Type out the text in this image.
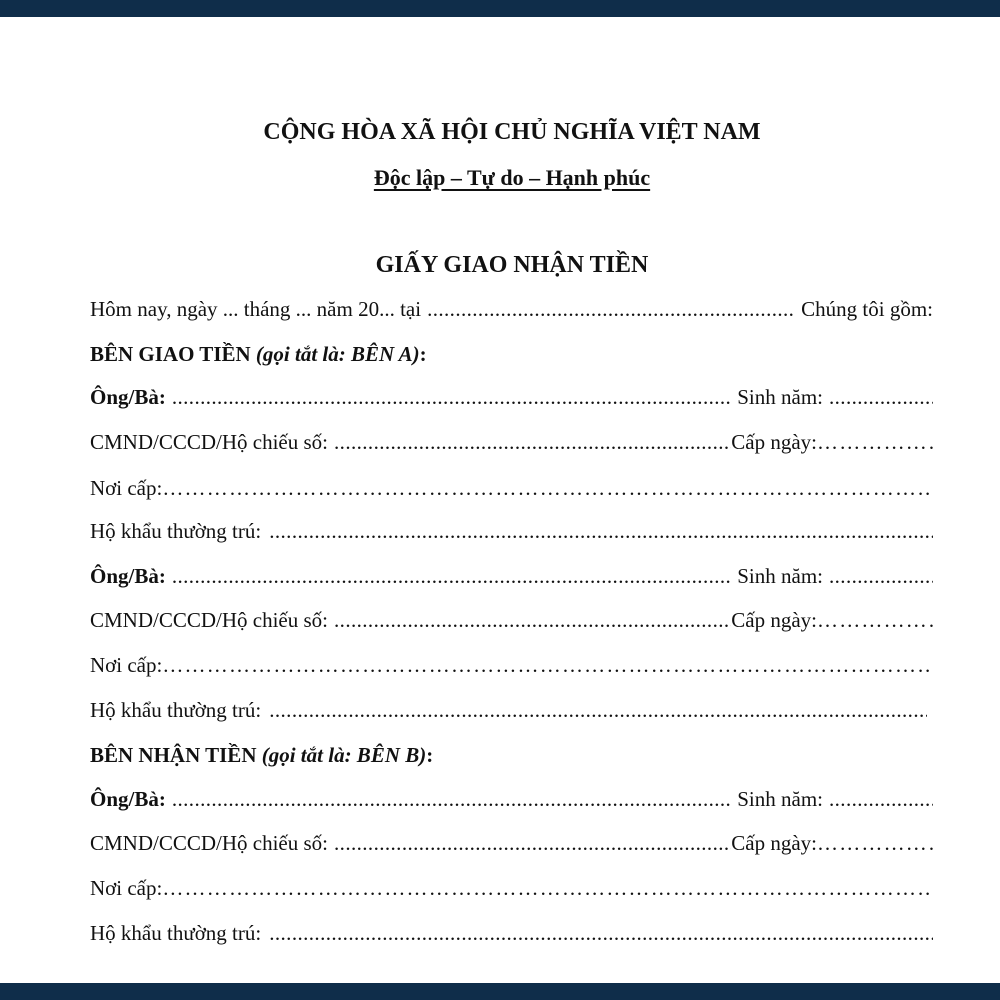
CỘNG HÒA XÃ HỘI CHỦ NGHĨA VIỆT NAM
Độc lập – Tự do – Hạnh phúc
GIẤY GIAO NHẬN TIỀN
Hôm nay, ngày ... tháng ... năm 20... tại .....	Chúng tôi gồm:
BÊN GIAO TIỀN (gọi tắt là: BÊN A):
Ông/Bà: .....	Sinh năm:
.....
CMND/CCCD/Hộ chiếu số: .....	Cấp ngày:
……………………………………………………………………………………………………………………………………………
Nơi cấp:
……………………………………………………………………………………………………………………………………………
Hộ khẩu thường trú:
.....
Ông/Bà: .....	Sinh năm:
.....
CMND/CCCD/Hộ chiếu số: .....	Cấp ngày:
……………………………………………………………………………………………………………………………………………
Nơi cấp:
……………………………………………………………………………………………………………………………………………
Hộ khẩu thường trú:
.....
BÊN NHẬN TIỀN (gọi tắt là: BÊN B):
Ông/Bà: .....	Sinh năm:
.....
CMND/CCCD/Hộ chiếu số: .....	Cấp ngày:
……………………………………………………………………………………………………………………………………………
Nơi cấp:
……………………………………………………………………………………………………………………………………………
Hộ khẩu thường trú:
.....
